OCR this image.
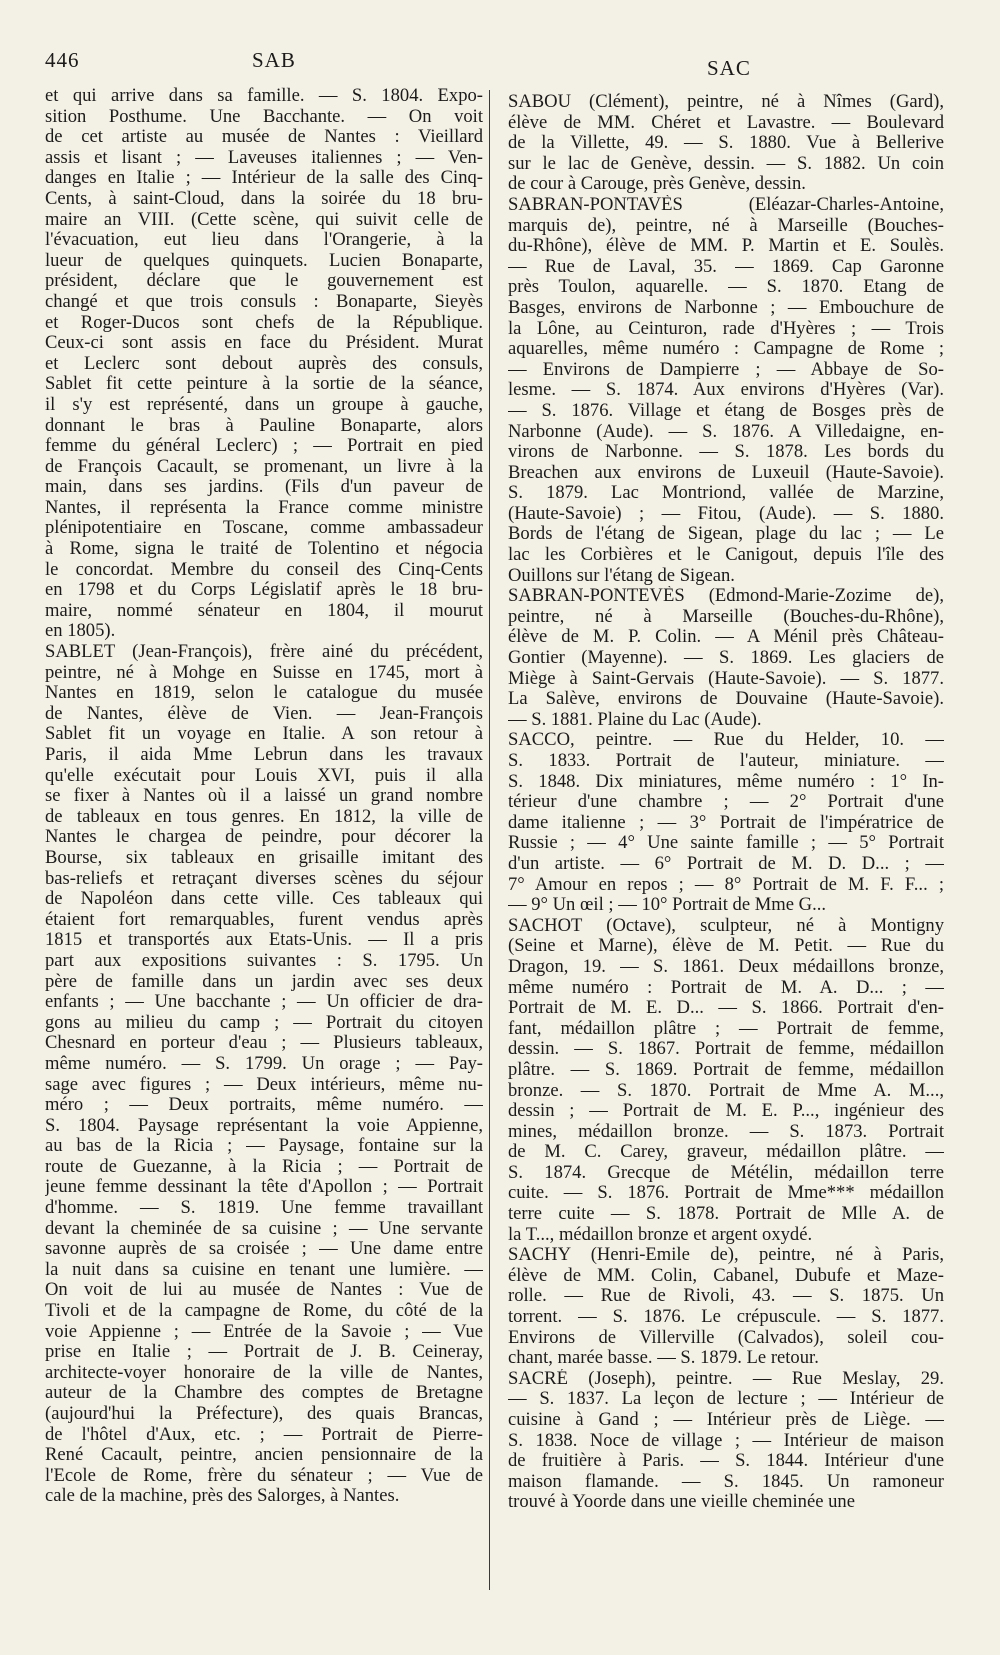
446	SAB	SAC
et qui arrive dans sa famille. — S. 1804. Expo-
sition Posthume. Une Bacchante. — On voit
de cet artiste au musée de Nantes : Vieillard
assis et lisant ; — Laveuses italiennes ; — Ven-
danges en Italie ; — Intérieur de la salle des Cinq-
Cents, à saint-Cloud, dans la soirée du 18 bru-
maire an VIII. (Cette scène, qui suivit celle de
l'évacuation, eut lieu dans l'Orangerie, à la
lueur de quelques quinquets. Lucien Bonaparte,
président, déclare que le gouvernement est
changé et que trois consuls : Bonaparte, Sieyès
et Roger-Ducos sont chefs de la République.
Ceux-ci sont assis en face du Président. Murat
et Leclerc sont debout auprès des consuls,
Sablet fit cette peinture à la sortie de la séance,
il s'y est représenté, dans un groupe à gauche,
donnant le bras à Pauline Bonaparte, alors
femme du général Leclerc) ; — Portrait en pied
de François Cacault, se promenant, un livre à la
main, dans ses jardins. (Fils d'un paveur de
Nantes, il représenta la France comme ministre
plénipotentiaire en Toscane, comme ambassadeur
à Rome, signa le traité de Tolentino et négocia
le concordat. Membre du conseil des Cinq-Cents
en 1798 et du Corps Législatif après le 18 bru-
maire, nommé sénateur en 1804, il mourut
en 1805).
SABLET (Jean-François), frère ainé du précédent,
peintre, né à Mohge en Suisse en 1745, mort à
Nantes en 1819, selon le catalogue du musée
de Nantes, élève de Vien. — Jean-François
Sablet fit un voyage en Italie. A son retour à
Paris, il aida Mme Lebrun dans les travaux
qu'elle exécutait pour Louis XVI, puis il alla
se fixer à Nantes où il a laissé un grand nombre
de tableaux en tous genres. En 1812, la ville de
Nantes le chargea de peindre, pour décorer la
Bourse, six tableaux en grisaille imitant des
bas-reliefs et retraçant diverses scènes du séjour
de Napoléon dans cette ville. Ces tableaux qui
étaient fort remarquables, furent vendus après
1815 et transportés aux Etats-Unis. — Il a pris
part aux expositions suivantes : S. 1795. Un
père de famille dans un jardin avec ses deux
enfants ; — Une bacchante ; — Un officier de dra-
gons au milieu du camp ; — Portrait du citoyen
Chesnard en porteur d'eau ; — Plusieurs tableaux,
même numéro. — S. 1799. Un orage ; — Pay-
sage avec figures ; — Deux intérieurs, même nu-
méro ; — Deux portraits, même numéro. —
S. 1804. Paysage représentant la voie Appienne,
au bas de la Ricia ; — Paysage, fontaine sur la
route de Guezanne, à la Ricia ; — Portrait de
jeune femme dessinant la tête d'Apollon ; — Portrait
d'homme. — S. 1819. Une femme travaillant
devant la cheminée de sa cuisine ; — Une servante
savonne auprès de sa croisée ; — Une dame entre
la nuit dans sa cuisine en tenant une lumière. —
On voit de lui au musée de Nantes : Vue de
Tivoli et de la campagne de Rome, du côté de la
voie Appienne ; — Entrée de la Savoie ; — Vue
prise en Italie ; — Portrait de J. B. Ceineray,
architecte-voyer honoraire de la ville de Nantes,
auteur de la Chambre des comptes de Bretagne
(aujourd'hui la Préfecture), des quais Brancas,
de l'hôtel d'Aux, etc. ; — Portrait de Pierre-
René Cacault, peintre, ancien pensionnaire de la
l'Ecole de Rome, frère du sénateur ; — Vue de
cale de la machine, près des Salorges, à Nantes.
SABOU (Clément), peintre, né à Nîmes (Gard),
élève de MM. Chéret et Lavastre. — Boulevard
de la Villette, 49. — S. 1880. Vue à Bellerive
sur le lac de Genève, dessin. — S. 1882. Un coin
de cour à Carouge, près Genève, dessin.
SABRAN-PONTAVÈS (Eléazar-Charles-Antoine,
marquis de), peintre, né à Marseille (Bouches-
du-Rhône), élève de MM. P. Martin et E. Soulès.
— Rue de Laval, 35. — 1869. Cap Garonne
près Toulon, aquarelle. — S. 1870. Etang de
Basges, environs de Narbonne ; — Embouchure de
la Lône, au Ceinturon, rade d'Hyères ; — Trois
aquarelles, même numéro : Campagne de Rome ;
— Environs de Dampierre ; — Abbaye de So-
lesme. — S. 1874. Aux environs d'Hyères (Var).
— S. 1876. Village et étang de Bosges près de
Narbonne (Aude). — S. 1876. A Villedaigne, en-
virons de Narbonne. — S. 1878. Les bords du
Breachen aux environs de Luxeuil (Haute-Savoie).
S. 1879. Lac Montriond, vallée de Marzine,
(Haute-Savoie) ; — Fitou, (Aude). — S. 1880.
Bords de l'étang de Sigean, plage du lac ; — Le
lac les Corbières et le Canigout, depuis l'île des
Ouillons sur l'étang de Sigean.
SABRAN-PONTEVÈS (Edmond-Marie-Zozime de),
peintre, né à Marseille (Bouches-du-Rhône),
élève de M. P. Colin. — A Ménil près Château-
Gontier (Mayenne). — S. 1869. Les glaciers de
Miège à Saint-Gervais (Haute-Savoie). — S. 1877.
La Salève, environs de Douvaine (Haute-Savoie).
— S. 1881. Plaine du Lac (Aude).
SACCO, peintre. — Rue du Helder, 10. —
S. 1833. Portrait de l'auteur, miniature. —
S. 1848. Dix miniatures, même numéro : 1° In-
térieur d'une chambre ; — 2° Portrait d'une
dame italienne ; — 3° Portrait de l'impératrice de
Russie ; — 4° Une sainte famille ; — 5° Portrait
d'un artiste. — 6° Portrait de M. D. D... ; —
7° Amour en repos ; — 8° Portrait de M. F. F... ;
— 9° Un œil ; — 10° Portrait de Mme G...
SACHOT (Octave), sculpteur, né à Montigny
(Seine et Marne), élève de M. Petit. — Rue du
Dragon, 19. — S. 1861. Deux médaillons bronze,
même numéro : Portrait de M. A. D... ; —
Portrait de M. E. D... — S. 1866. Portrait d'en-
fant, médaillon plâtre ; — Portrait de femme,
dessin. — S. 1867. Portrait de femme, médaillon
plâtre. — S. 1869. Portrait de femme, médaillon
bronze. — S. 1870. Portrait de Mme A. M...,
dessin ; — Portrait de M. E. P..., ingénieur des
mines, médaillon bronze. — S. 1873. Portrait
de M. C. Carey, graveur, médaillon plâtre. —
S. 1874. Grecque de Métélin, médaillon terre
cuite. — S. 1876. Portrait de Mme*** médaillon
terre cuite — S. 1878. Portrait de Mlle A. de
la T..., médaillon bronze et argent oxydé.
SACHY (Henri-Emile de), peintre, né à Paris,
élève de MM. Colin, Cabanel, Dubufe et Maze-
rolle. — Rue de Rivoli, 43. — S. 1875. Un
torrent. — S. 1876. Le crépuscule. — S. 1877.
Environs de Villerville (Calvados), soleil cou-
chant, marée basse. — S. 1879. Le retour.
SACRÉ (Joseph), peintre. — Rue Meslay, 29.
— S. 1837. La leçon de lecture ; — Intérieur de
cuisine à Gand ; — Intérieur près de Liège. —
S. 1838. Noce de village ; — Intérieur de maison
de fruitière à Paris. — S. 1844. Intérieur d'une
maison flamande. — S. 1845. Un ramoneur
trouvé à Yoorde dans une vieille cheminée une
